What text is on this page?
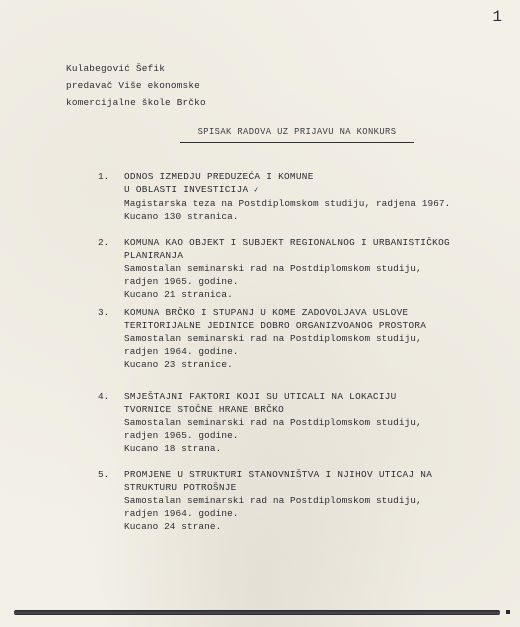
1
Kulabegović Šefik
predavač Više ekonomske
komercijalne škole Brčko
SPISAK RADOVA UZ PRIJAVU NA KONKURS
1. ODNOS IZMEDJU PREDUZEĆA I KOMUNE
U OBLASTI INVESTICIJA ✓
Magistarska teza na Postdiplomskom studiju, radjena 1967.
Kucano 130 stranica.
2. KOMUNA KAO OBJEKT I SUBJEKT REGIONALNOG I URBANISTIČKOG
PLANIRANJA
Samostalan seminarski rad na Postdiplomskom studiju,
radjen 1965. godine.
Kucano 21 stranica.
3. KOMUNA BRČKO I STUPANJ U KOME ZADOVOLJAVA USLOVE
TERITORIJALNE JEDINICE DOBRO ORGANIZVOANOG PROSTORA
Samostalan seminarski rad na Postdiplomskom studiju,
radjen 1964. godine.
Kucano 23 stranice.
4. SMJEŠTAJNI FAKTORI KOJI SU UTICALI NA LOKACIJU
TVORNICE STOČNE HRANE BRČKO
Samostalan seminarski rad na Postdiplomskom studiju,
radjen 1965. godine.
Kucano 18 strana.
5. PROMJENE U STRUKTURI STANOVNIŠTVA I NJIHOV UTICAJ NA
STRUKTURU POTROŠNJE
Samostalan seminarski rad na Postdiplomskom studiju,
radjen 1964. godine.
Kucano 24 strane.
